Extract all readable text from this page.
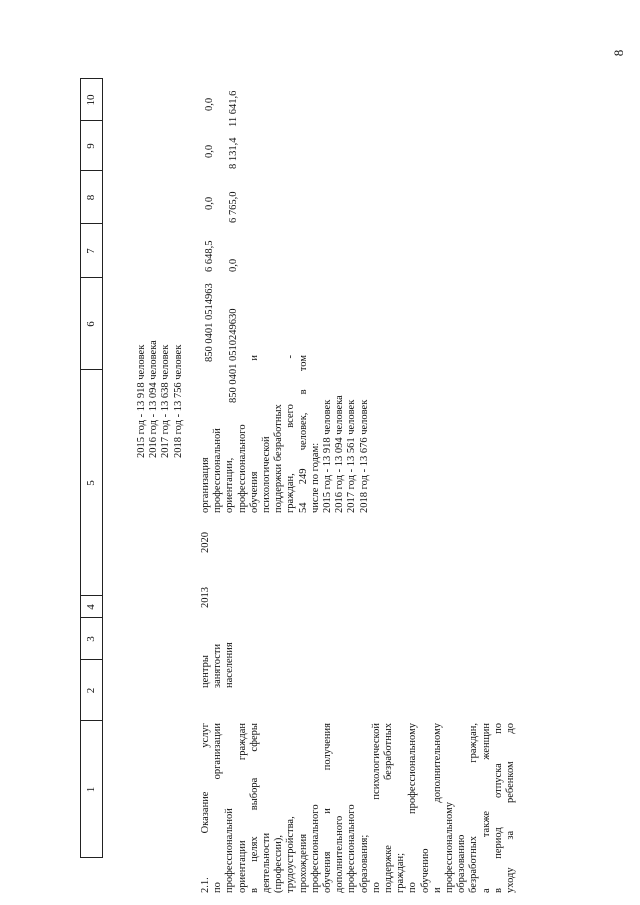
8
1
2
3
4
5
6
7
8
9
10
2015 год - 13 918 человек 2016 год - 13 094 человека 2017 год - 13 638 человек 2018 год - 13 756 человек
850 0401 0514963
6 648,5
0,0
0,0
0,0
2.1. Оказание услуг по организации профессиональной ориентации граждан в целях выбора сферы деятельности (профессии), трудоустройства, прохождения профессионального обучения и получения дополнительного профессионального образования; по психологической поддержке безработных граждан; по профессиональному обучению и дополнительному профессиональному образованию безработных граждан, а также женщин в период отпуска по уходу за ребенком до
центры занятости населения
2013
2020
организация профессиональной ориентации, профессионального обучения и психологической поддержки безработных граждан, всего - 54 249 человек, в том числе по годам: 2015 год - 13 918 человек 2016 год - 13 094 человека 2017 год - 13 561 человек 2018 год - 13 676 человек
850 0401 0510249630
0,0
6 765,0
8 131,4
11 641,6
